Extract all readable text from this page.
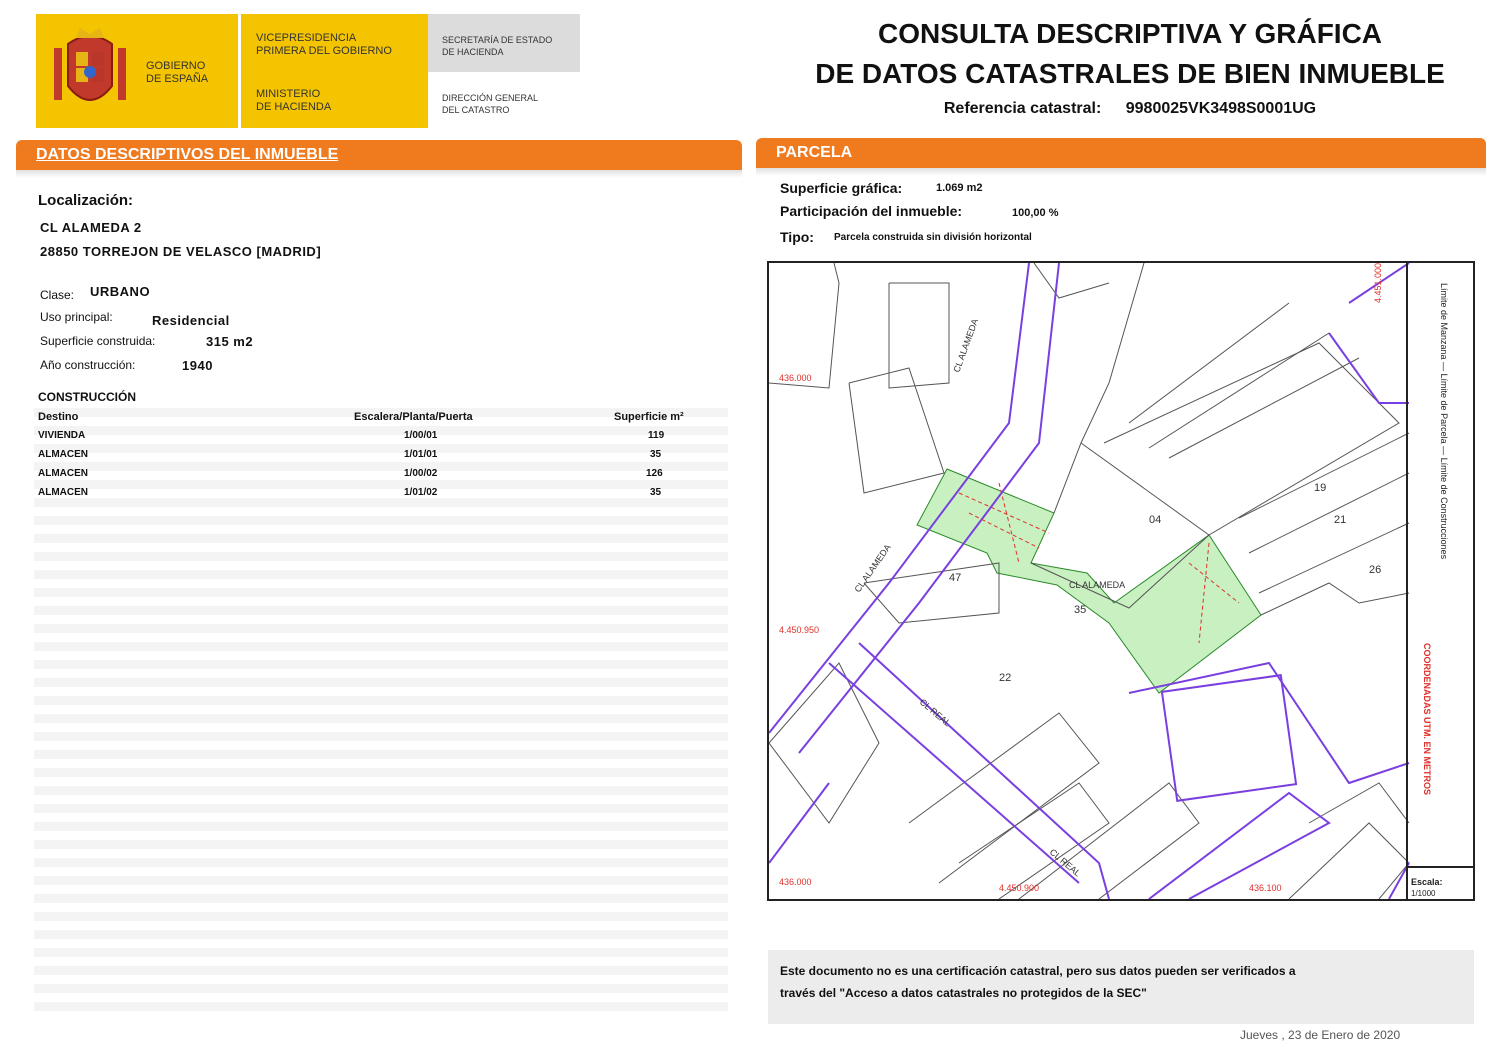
GOBIERNO
DE ESPAÑA
VICEPRESIDENCIA
PRIMERA DEL GOBIERNO
MINISTERIO
DE HACIENDA
SECRETARÍA DE ESTADO
DE HACIENDA
DIRECCIÓN GENERAL
DEL CATASTRO
CONSULTA DESCRIPTIVA Y GRÁFICA
DE DATOS CATASTRALES DE BIEN INMUEBLE
Referencia catastral: 9980025VK3498S0001UG
DATOS DESCRIPTIVOS DEL INMUEBLE
Localización:
CL ALAMEDA 2
28850 TORREJON DE VELASCO [MADRID]
Clase: URBANO
Uso principal:	Residencial
Superficie construida:	315 m2
Año construcción:	1940
CONSTRUCCIÓN
Destino	Escalera/Planta/Puerta	Superficie m²
VIVIENDA	1/00/01	119
ALMACEN	1/01/01	35
ALMACEN	1/00/02	126
ALMACEN	1/01/02	35
PARCELA
Superficie gráfica:	1.069 m2
Participación del inmueble:	100,00 %
Tipo: Parcela construida sin división horizontal
35
04
22
47
21
19
26
CL ALAMEDA
CL ALAMEDA
CL REAL
CL ALAMEDA
CL REAL
436.000
4.450.950
436.000
4.450.900	436.100
4.451.000
Límite de Manzana — Límite de Parcela — Límite de Construcciones
COORDENADAS UTM. EN METROS
Escala:
1/1000
Este documento no es una certificación catastral, pero sus datos pueden ser verificados a
través del "Acceso a datos catastrales no protegidos de la SEC"
Jueves , 23 de Enero de 2020
